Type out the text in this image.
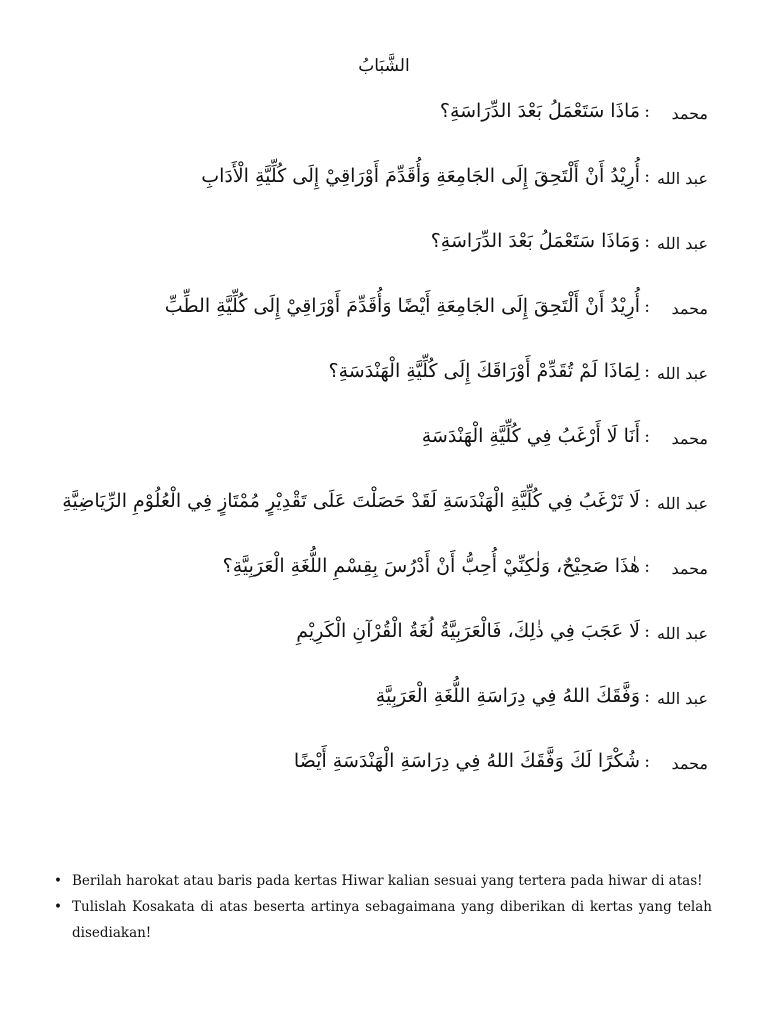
الشَّبَابُ
محمد
:
مَاذَا سَتَعْمَلُ بَعْدَ الدِّرَاسَةِ؟
عبد الله
:
أُرِيْدُ أَنْ أَلْتَحِقَ إِلَى الجَامِعَةِ وَأُقَدِّمَ أَوْرَاقِيْ إِلَى كُلِّيَّةِ الْأَدَابِ
عبد الله
:
وَمَاذَا سَتَعْمَلُ بَعْدَ الدِّرَاسَةِ؟
محمد
:
أُرِيْدُ أَنْ أَلْتَحِقَ إِلَى الجَامِعَةِ أَيْضًا وَأُقَدِّمَ أَوْرَاقِيْ إِلَى كُلِّيَّةِ الطِّبِّ
عبد الله
:
لِمَاذَا لَمْ تُقَدِّمْ أَوْرَاقَكَ إِلَى كُلِّيَّةِ الْهَنْدَسَةِ؟
محمد
:
أَنَا لَا أَرْغَبُ فِي كُلِّيَّةِ الْهَنْدَسَةِ
عبد الله
:
لَا تَرْغَبُ فِي كُلِّيَّةِ الْهَنْدَسَةِ لَقَدْ حَصَلْتَ عَلَى تَقْدِيْرٍ مُمْتَازٍ فِي الْعُلُوْمِ الرِّيَاضِيَّةِ
محمد
:
هٰذَا صَحِيْحٌ، وَلٰكِنِّيْ أُحِبُّ أَنْ أَدْرُسَ بِقِسْمِ اللُّغَةِ الْعَرَبِيَّةِ؟
عبد الله
:
لَا عَجَبَ فِي ذٰلِكَ، فَالْعَرَبِيَّةُ لُغَةُ الْقُرْآنِ الْكَرِيْمِ
عبد الله
:
وَفَّقَكَ اللهُ فِي دِرَاسَةِ اللُّغَةِ الْعَرَبِيَّةِ
محمد
:
شُكْرًا لَكَ وَفَّقَكَ اللهُ فِي دِرَاسَةِ الْهَنْدَسَةِ أَيْضًا
• Berilah harokat atau baris pada kertas Hiwar kalian sesuai yang tertera pada hiwar di atas!
• Tulislah Kosakata di atas beserta artinya sebagaimana yang diberikan di kertas yang telah disediakan!
